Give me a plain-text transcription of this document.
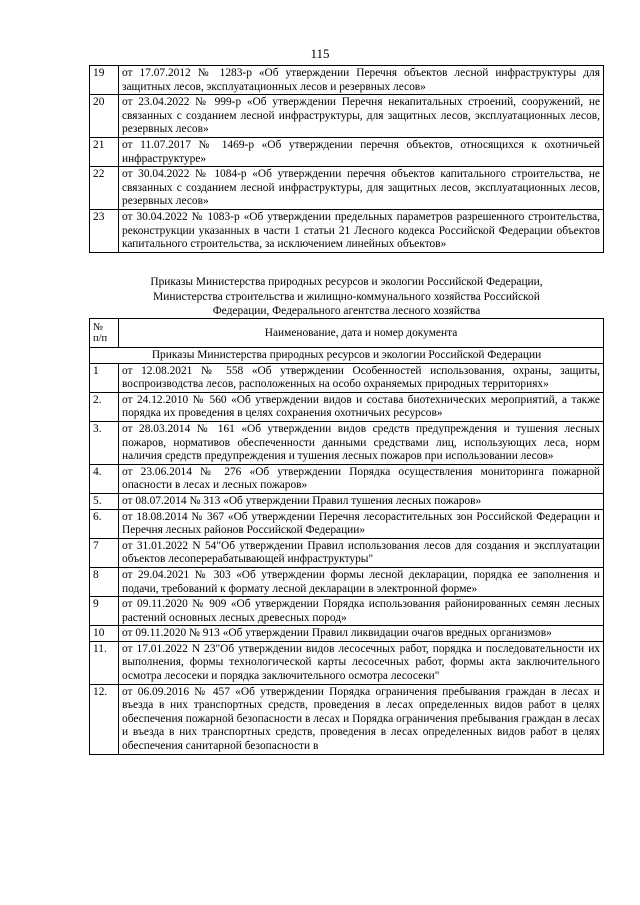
115
19	от 17.07.2012 № 1283-р «Об утверждении Перечня объектов лесной инфраструктуры для защитных лесов, эксплуатационных лесов и резервных лесов»
20	от 23.04.2022 № 999-р «Об утверждении Перечня некапитальных строений, сооружений, не связанных с созданием лесной инфраструктуры, для защитных лесов, эксплуатационных лесов, резервных лесов»
21	от 11.07.2017 № 1469-р «Об утверждении перечня объектов, относящихся к охотничьей инфраструктуре»
22	от 30.04.2022 № 1084-р «Об утверждении перечня объектов капитального строительства, не связанных с созданием лесной инфраструктуры, для защитных лесов, эксплуатационных лесов, резервных лесов»
23	от 30.04.2022 № 1083-р «Об утверждении предельных параметров разрешенного строительства, реконструкции указанных в части 1 статьи 21 Лесного кодекса Российской Федерации объектов капитального строительства, за исключением линейных объектов»
Приказы Министерства природных ресурсов и экологии Российской Федерации,
Министерства строительства и жилищно-коммунального хозяйства Российской
Федерации, Федерального агентства лесного хозяйства
№
п/п	Наименование, дата и номер документа
Приказы Министерства природных ресурсов и экологии Российской Федерации	
1	от 12.08.2021 № 558 «Об утверждении Особенностей использования, охраны, защиты, воспроизводства лесов, расположенных на особо охраняемых природных территориях»
2.	от 24.12.2010 № 560 «Об утверждении видов и состава биотехнических мероприятий, а также порядка их проведения в целях сохранения охотничьих ресурсов»
3.	от 28.03.2014 № 161 «Об утверждении видов средств предупреждения и тушения лесных пожаров, нормативов обеспеченности данными средствами лиц, использующих леса, норм наличия средств предупреждения и тушения лесных пожаров при использовании лесов»
4.	от 23.06.2014 № 276 «Об утверждении Порядка осуществления мониторинга пожарной опасности в лесах и лесных пожаров»
5.	от 08.07.2014 № 313 «Об утверждении Правил тушения лесных пожаров»
6.	от 18.08.2014 № 367 «Об утверждении Перечня лесорастительных зон Российской Федерации и Перечня лесных районов Российской Федерации»
7	от 31.01.2022 N 54"Об утверждении Правил использования лесов для создания и эксплуатации объектов лесоперерабатывающей инфраструктуры"
8	от 29.04.2021 № 303 «Об утверждении формы лесной декларации, порядка ее заполнения и подачи, требований к формату лесной декларации в электронной форме»
9	от 09.11.2020 № 909 «Об утверждении Порядка использования районированных семян лесных растений основных лесных древесных пород»
10	от 09.11.2020 № 913 «Об утверждении Правил ликвидации очагов вредных организмов»
11.	от 17.01.2022 N 23"Об утверждении видов лесосечных работ, порядка и последовательности их выполнения, формы технологической карты лесосечных работ, формы акта заключительного осмотра лесосеки и порядка заключительного осмотра лесосеки"
12.	от 06.09.2016 № 457 «Об утверждении Порядка ограничения пребывания граждан в лесах и въезда в них транспортных средств, проведения в лесах определенных видов работ в целях обеспечения пожарной безопасности в лесах и Порядка ограничения пребывания граждан в лесах и въезда в них транспортных средств, проведения в лесах определенных видов работ в целях обеспечения санитарной безопасности в
